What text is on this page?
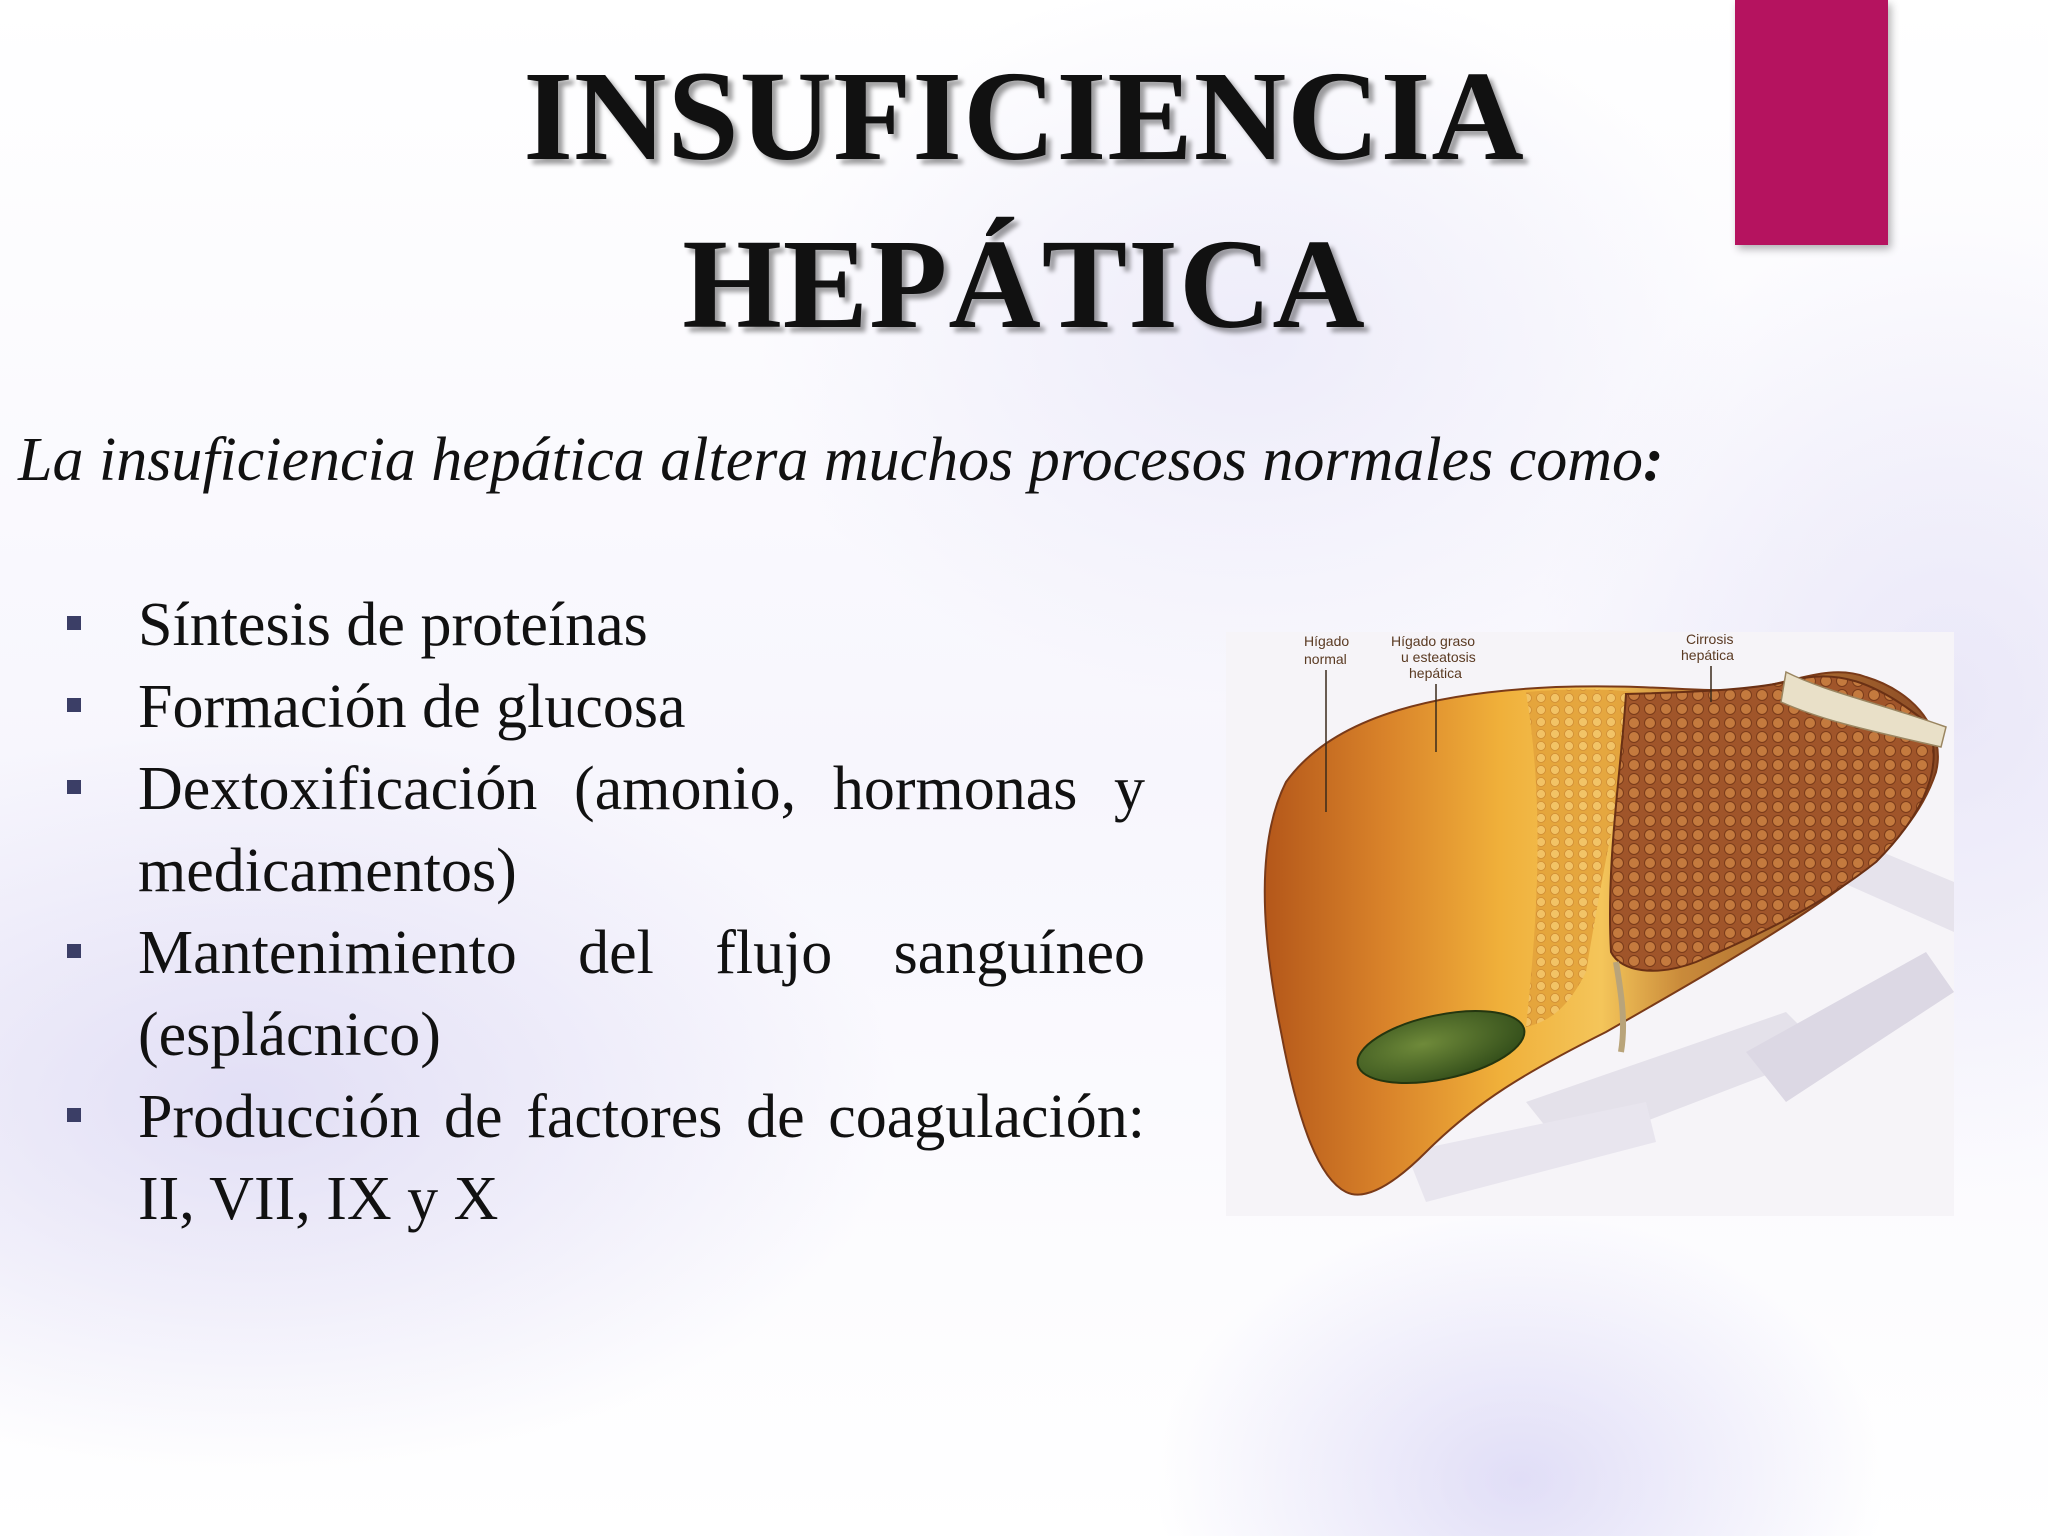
INSUFICIENCIA
HEPÁTICA

La insuficiencia hepática altera muchos procesos normales como:

Síntesis de proteínas
Formación de glucosa
Dextoxificación (amonio, hormonas y medicamentos)
Mantenimiento del flujo sanguíneo (esplácnico)
Producción de factores de coagulación: II, VII, IX y X
Hígado
normal
Hígado graso
u esteatosis
hepática
Cirrosis
hepática
